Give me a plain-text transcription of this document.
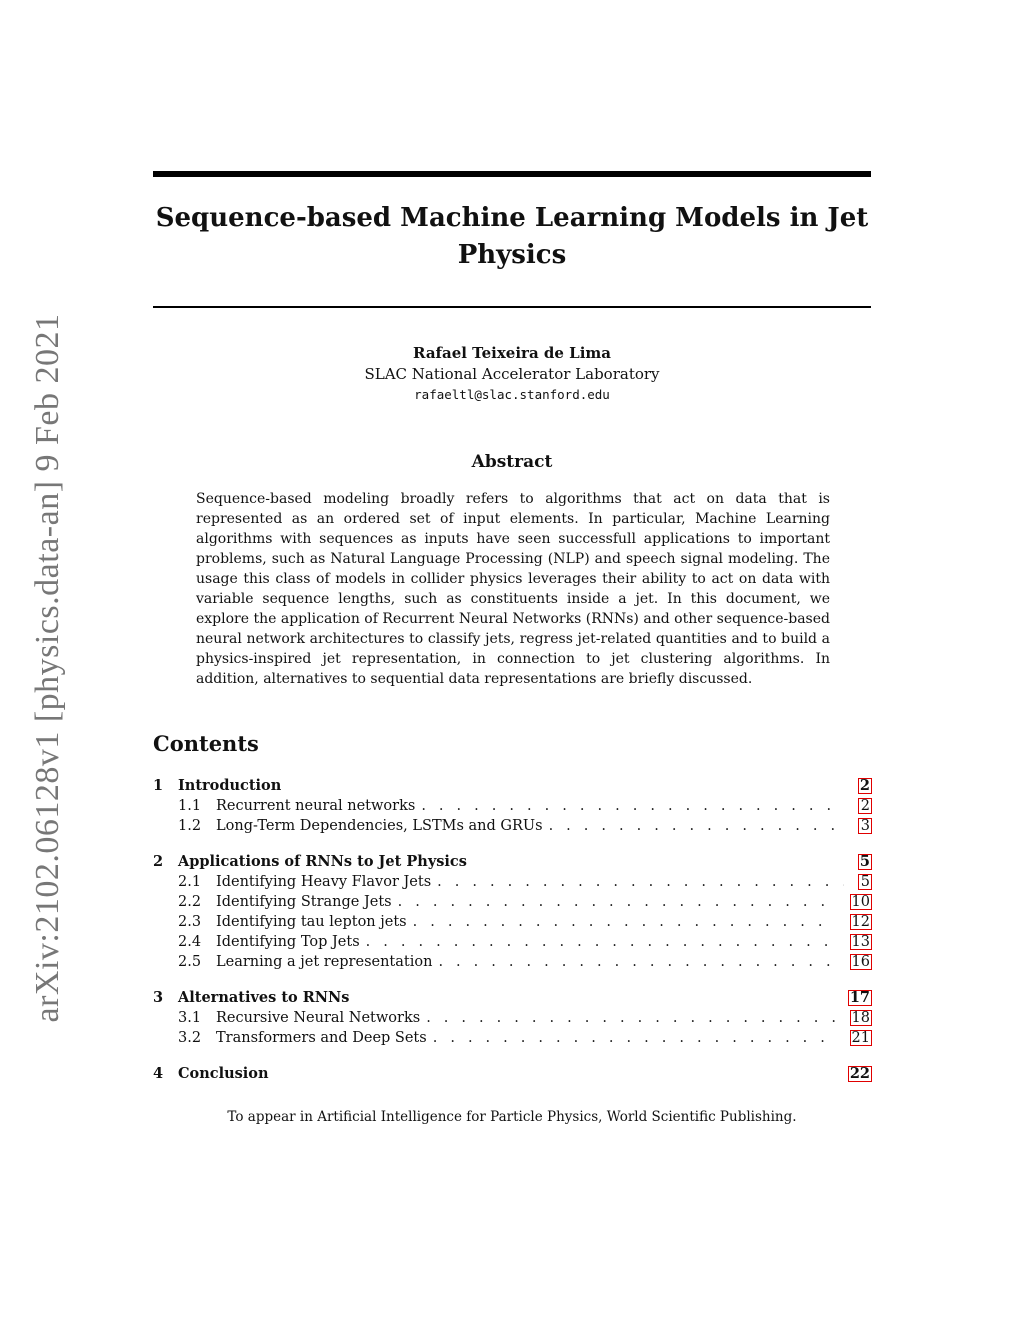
arXiv:2102.06128v1 [physics.data-an] 9 Feb 2021
Sequence-based Machine Learning Models in Jet Physics
Rafael Teixeira de Lima
SLAC National Accelerator Laboratory
rafaeltl@slac.stanford.edu
Abstract

Sequence-based modeling broadly refers to algorithms that act on data that is represented as an ordered set of input elements. In particular, Machine Learning algorithms with sequences as inputs have seen successfull applications to important problems, such as Natural Language Processing (NLP) and speech signal modeling. The usage this class of models in collider physics leverages their ability to act on data with variable sequence lengths, such as constituents inside a jet. In this document, we explore the application of Recurrent Neural Networks (RNNs) and other sequence-based neural network architectures to classify jets, regress jet-related quantities and to build a physics-inspired jet representation, in connection to jet clustering algorithms. In addition, alternatives to sequential data representations are briefly discussed.

Contents
1	Introduction	2
1.1	Recurrent neural networks . . .	2
1.2	Long-Term Dependencies, LSTMs and GRUs . . .	3
2	Applications of RNNs to Jet Physics	5
2.1	Identifying Heavy Flavor Jets . . .	5
2.2	Identifying Strange Jets . . .	10
2.3	Identifying tau lepton jets . . .	12
2.4	Identifying Top Jets . . .	13
2.5	Learning a jet representation . . .	16
3	Alternatives to RNNs	17
3.1	Recursive Neural Networks . . .	18
3.2	Transformers and Deep Sets . . .	21
4	Conclusion	22
To appear in Artificial Intelligence for Particle Physics, World Scientific Publishing.
